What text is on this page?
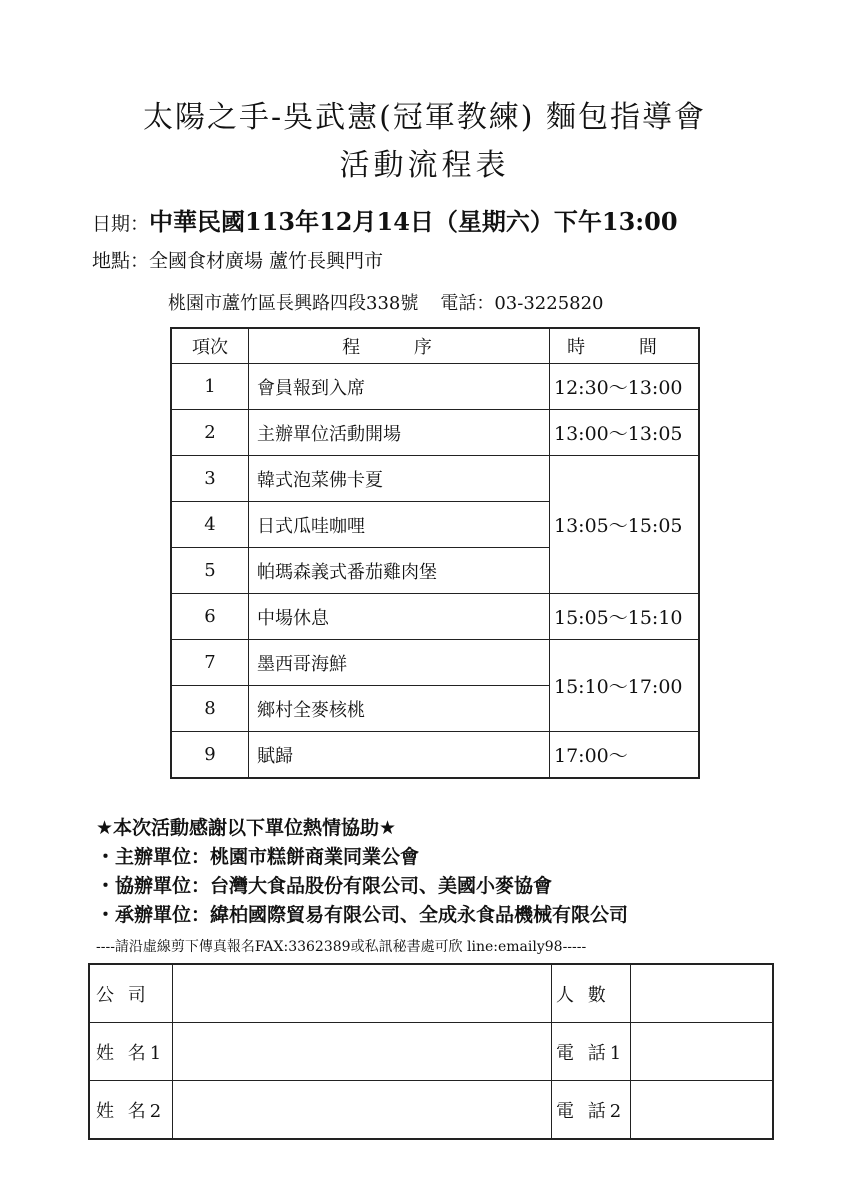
太陽之手-吳武憲(冠軍教練) 麵包指導會
活動流程表
日期：中華民國113年12月14日（星期六）下午13:00
地點：全國食材廣場 蘆竹長興門市
桃園市蘆竹區長興路四段338號 電話：03-3225820
項次	程 序	時 間
1	會員報到入席	12:30～13:00
2	主辦單位活動開場	13:00～13:05
3	韓式泡菜佛卡夏	13:05～15:05
4	日式瓜哇咖哩	
5	帕瑪森義式番茄雞肉堡	
6	中場休息	15:05～15:10
7	墨西哥海鮮	15:10～17:00
8	鄉村全麥核桃	
9	賦歸	17:00～
★本次活動感謝以下單位熱情協助★
・主辦單位：桃園市糕餅商業同業公會
・協辦單位：台灣大食品股份有限公司、美國小麥協會
・承辦單位：緯柏國際貿易有限公司、全成永食品機械有限公司
----請沿虛線剪下傳真報名FAX:3362389或私訊秘書處可欣 line:emaily98-----
公 司		人 數	
姓 名1		電 話1	
姓 名2		電 話2	
